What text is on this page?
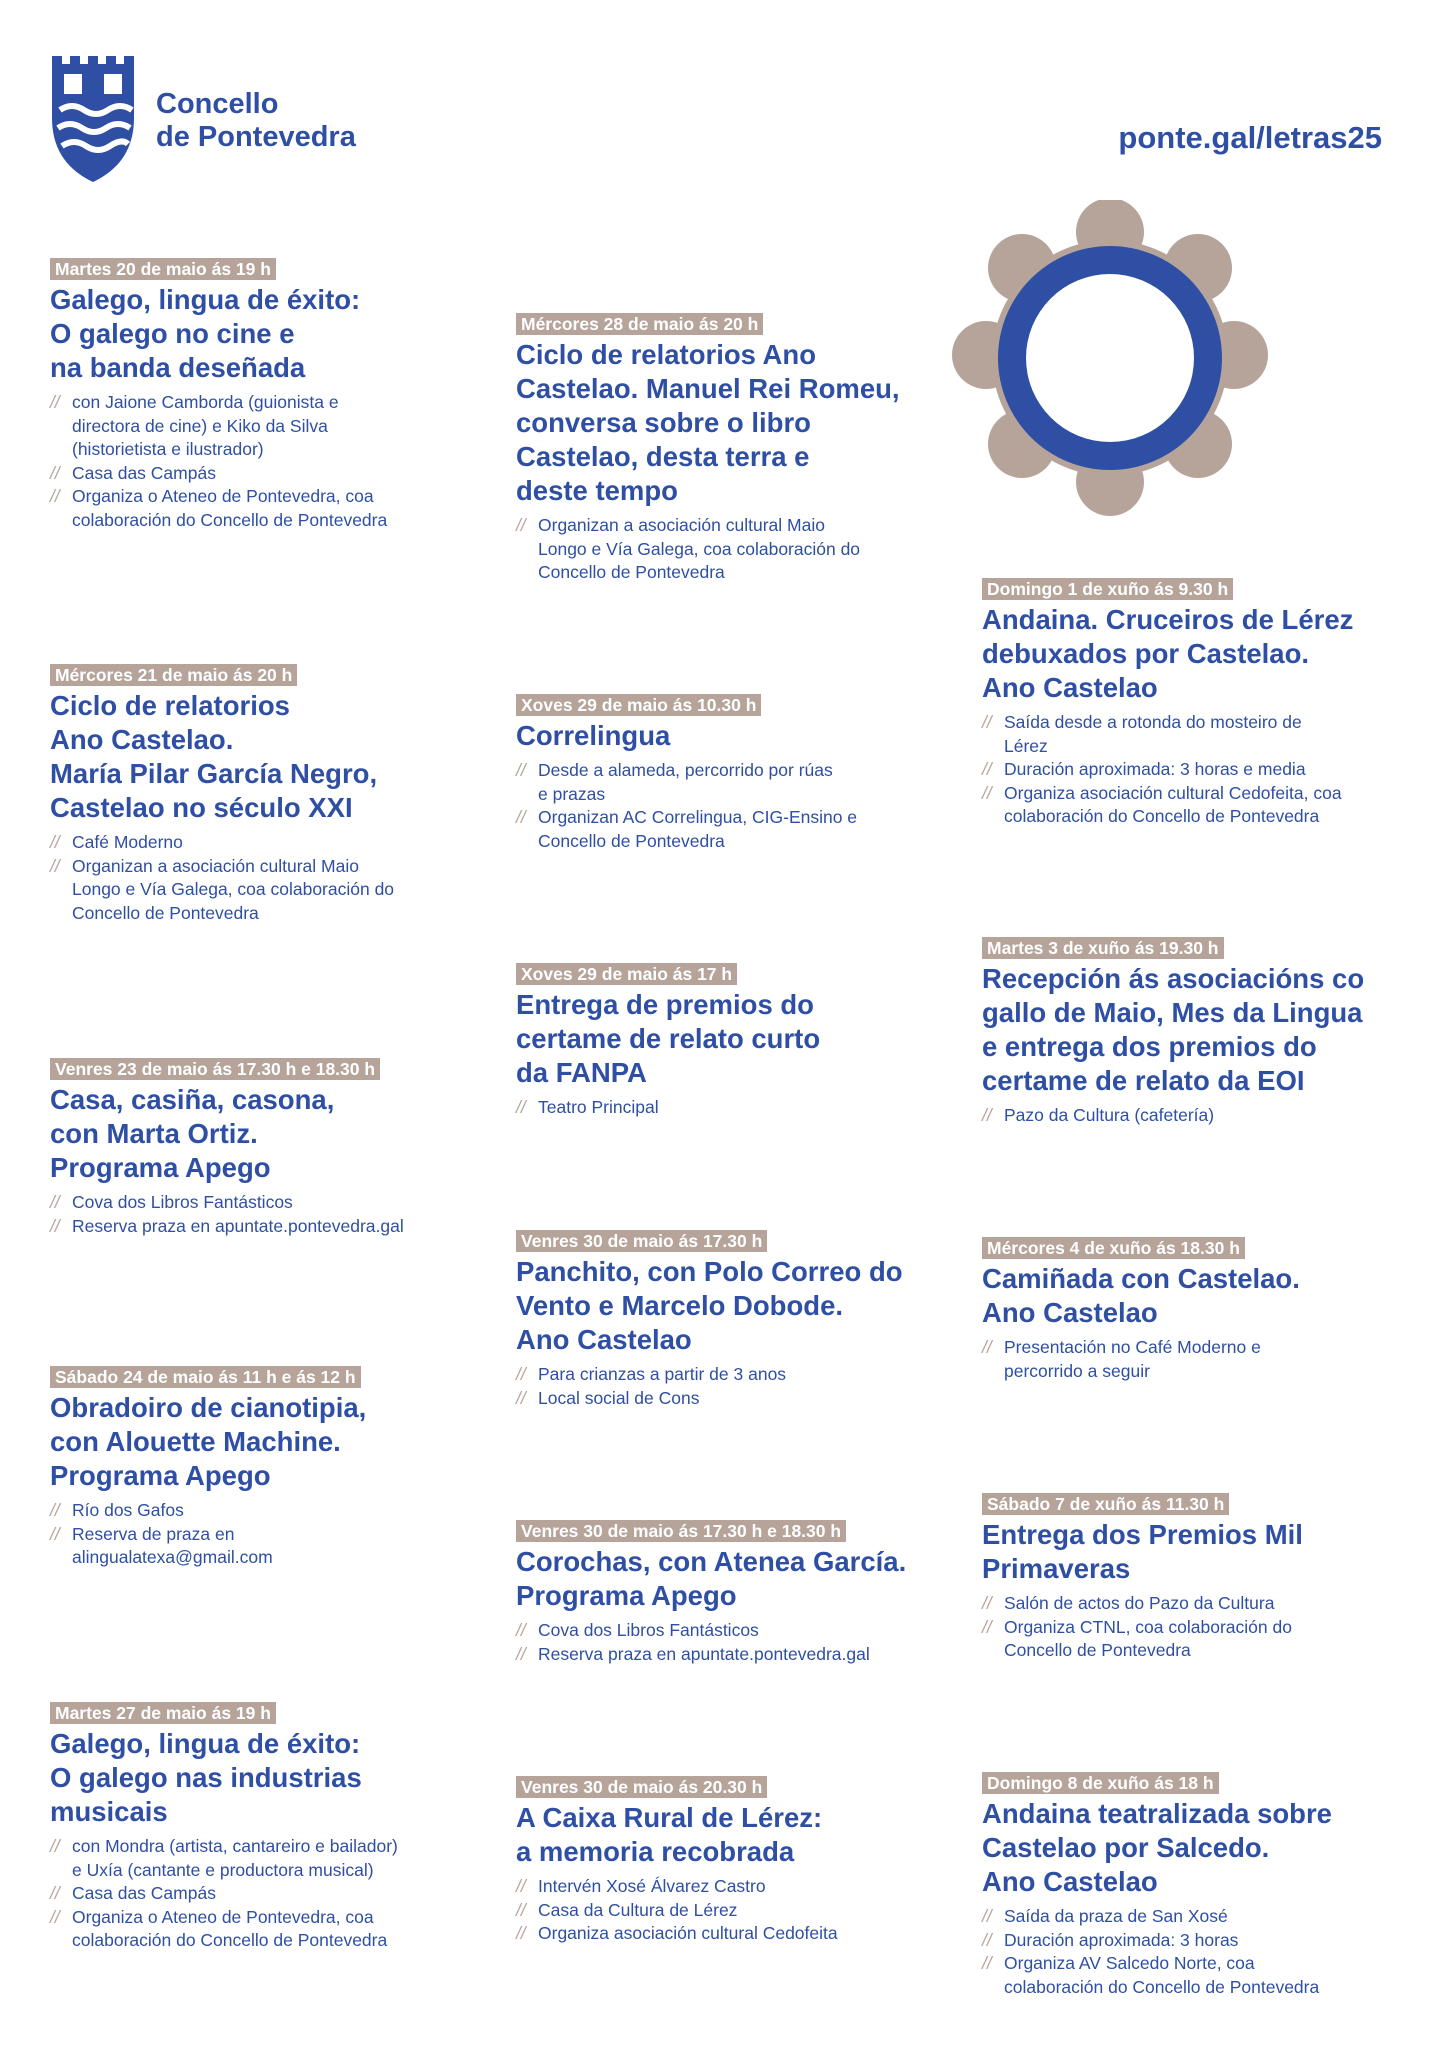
Concello
de Pontevedra	ponte.gal/letras25
Martes 20 de maio ás 19 h
Galego, lingua de éxito:
O galego no cine e
na banda deseñada
// con Jaione Camborda (guionista e
directora de cine) e Kiko da Silva
(historietista e ilustrador)
// Casa das Campás
// Organiza o Ateneo de Pontevedra, coa
colaboración do Concello de Pontevedra
Mércores 21 de maio ás 20 h
Ciclo de relatorios
Ano Castelao.
María Pilar García Negro,
Castelao no século XXI
// Café Moderno
// Organizan a asociación cultural Maio
Longo e Vía Galega, coa colaboración do
Concello de Pontevedra
Venres 23 de maio ás 17.30 h e 18.30 h
Casa, casiña, casona,
con Marta Ortiz.
Programa Apego
// Cova dos Libros Fantásticos
// Reserva praza en apuntate.pontevedra.gal
Sábado 24 de maio ás 11 h e ás 12 h
Obradoiro de cianotipia,
con Alouette Machine.
Programa Apego
// Río dos Gafos
// Reserva de praza en
alingualatexa@gmail.com
Martes 27 de maio ás 19 h
Galego, lingua de éxito:
O galego nas industrias
musicais
// con Mondra (artista, cantareiro e bailador)
e Uxía (cantante e productora musical)
// Casa das Campás
// Organiza o Ateneo de Pontevedra, coa
colaboración do Concello de Pontevedra
Mércores 28 de maio ás 20 h
Ciclo de relatorios Ano
Castelao. Manuel Rei Romeu,
conversa sobre o libro
Castelao, desta terra e
deste tempo
// Organizan a asociación cultural Maio
Longo e Vía Galega, coa colaboración do
Concello de Pontevedra
Xoves 29 de maio ás 10.30 h
Correlingua
// Desde a alameda, percorrido por rúas
e prazas
// Organizan AC Correlingua, CIG-Ensino e
Concello de Pontevedra
Xoves 29 de maio ás 17 h
Entrega de premios do
certame de relato curto
da FANPA
// Teatro Principal
Venres 30 de maio ás 17.30 h
Panchito, con Polo Correo do
Vento e Marcelo Dobode.
Ano Castelao
// Para crianzas a partir de 3 anos
// Local social de Cons
Venres 30 de maio ás 17.30 h e 18.30 h
Corochas, con Atenea García.
Programa Apego
// Cova dos Libros Fantásticos
// Reserva praza en apuntate.pontevedra.gal
Venres 30 de maio ás 20.30 h
A Caixa Rural de Lérez:
a memoria recobrada
// Intervén Xosé Álvarez Castro
// Casa da Cultura de Lérez
// Organiza asociación cultural Cedofeita
Domingo 1 de xuño ás 9.30 h
Andaina. Cruceiros de Lérez
debuxados por Castelao.
Ano Castelao
// Saída desde a rotonda do mosteiro de
Lérez
// Duración aproximada: 3 horas e media
// Organiza asociación cultural Cedofeita, coa
colaboración do Concello de Pontevedra
Martes 3 de xuño ás 19.30 h
Recepción ás asociacións co
gallo de Maio, Mes da Lingua
e entrega dos premios do
certame de relato da EOI
// Pazo da Cultura (cafetería)
Mércores 4 de xuño ás 18.30 h
Camiñada con Castelao.
Ano Castelao
// Presentación no Café Moderno e
percorrido a seguir
Sábado 7 de xuño ás 11.30 h
Entrega dos Premios Mil
Primaveras
// Salón de actos do Pazo da Cultura
// Organiza CTNL, coa colaboración do
Concello de Pontevedra
Domingo 8 de xuño ás 18 h
Andaina teatralizada sobre
Castelao por Salcedo.
Ano Castelao
// Saída da praza de San Xosé
// Duración aproximada: 3 horas
// Organiza AV Salcedo Norte, coa
colaboración do Concello de Pontevedra
